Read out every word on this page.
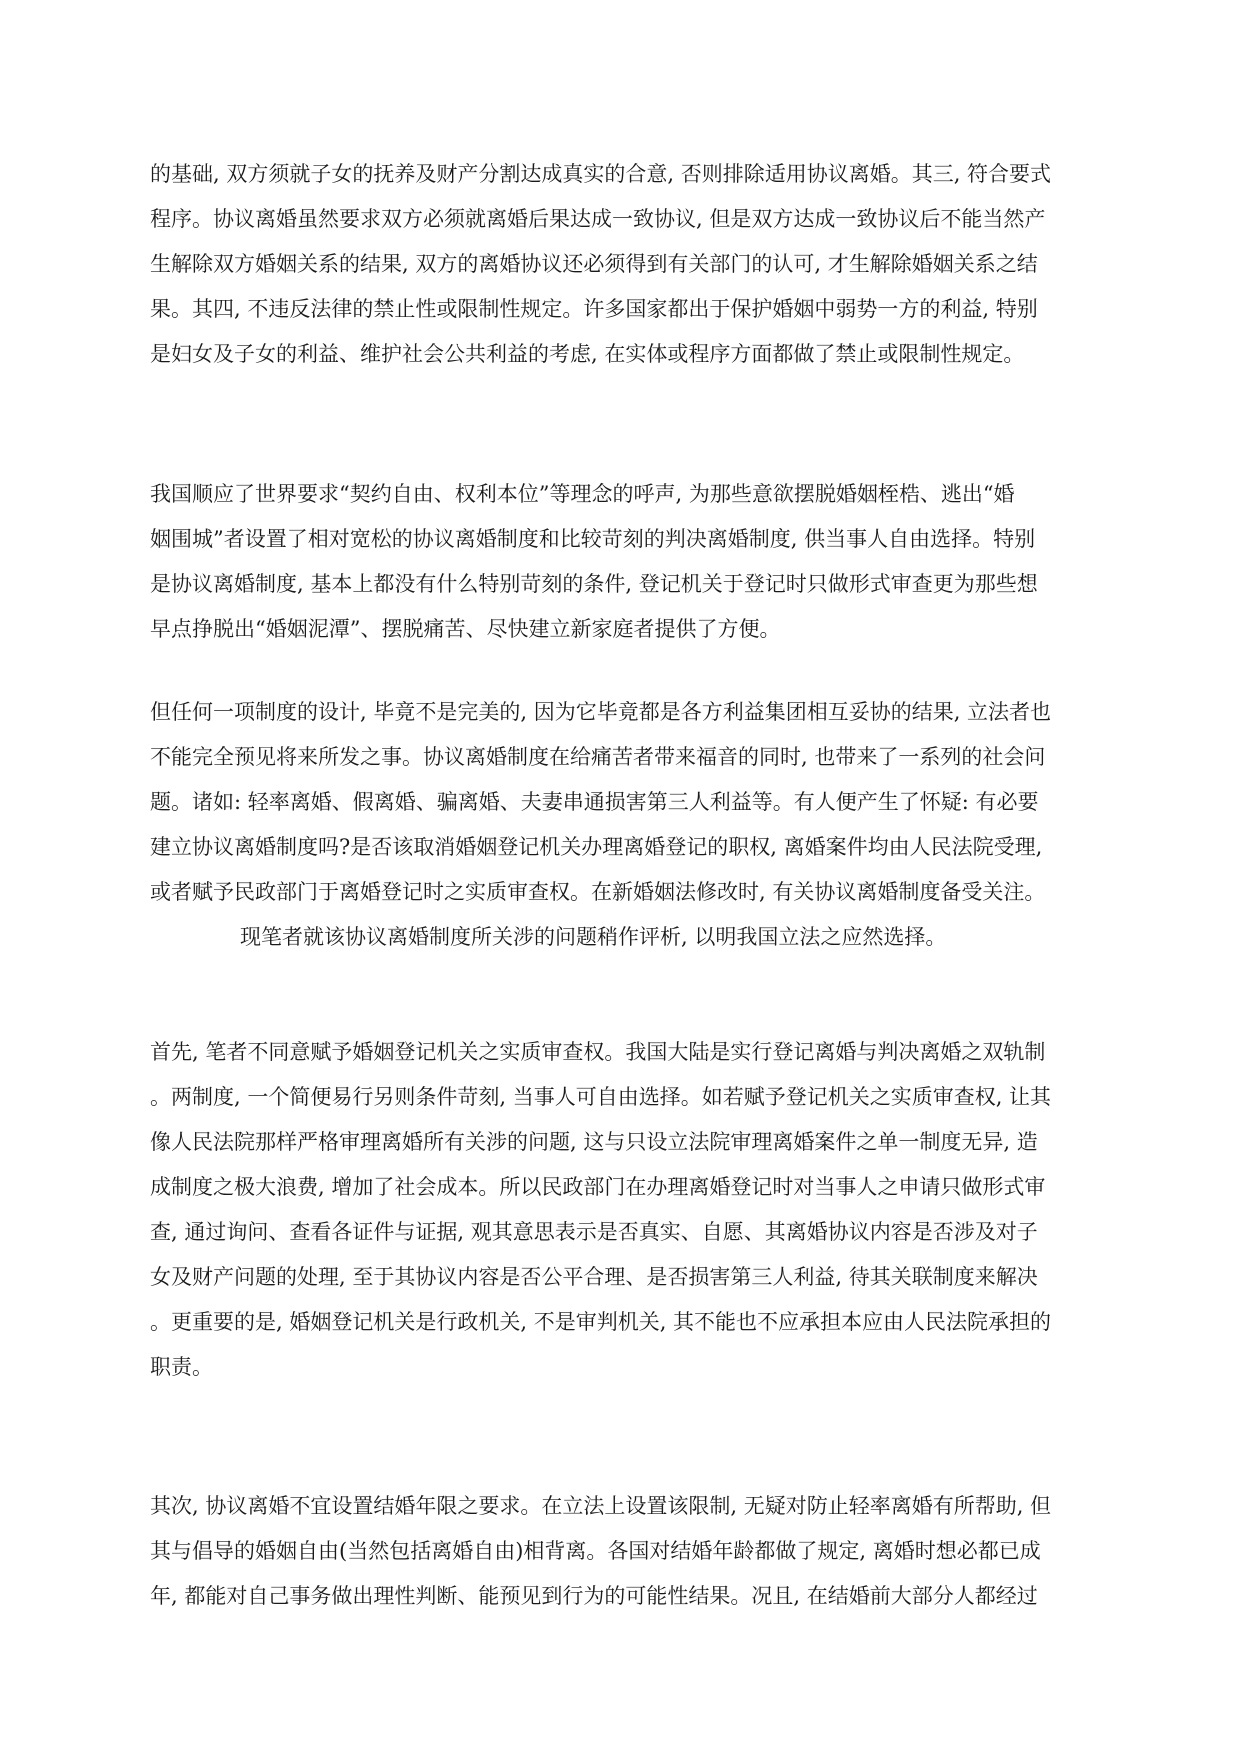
的基础, 双方须就子女的抚养及财产分割达成真实的合意, 否则排除适用协议离婚。其三, 符合要式
程序。协议离婚虽然要求双方必须就离婚后果达成一致协议, 但是双方达成一致协议后不能当然产
生解除双方婚姻关系的结果, 双方的离婚协议还必须得到有关部门的认可, 才生解除婚姻关系之结
果。其四, 不违反法律的禁止性或限制性规定。许多国家都出于保护婚姻中弱势一方的利益, 特别
是妇女及子女的利益、维护社会公共利益的考虑, 在实体或程序方面都做了禁止或限制性规定。
我国顺应了世界要求“契约自由、权利本位”等理念的呼声, 为那些意欲摆脱婚姻桎梏、逃出“婚
姻围城”者设置了相对宽松的协议离婚制度和比较苛刻的判决离婚制度, 供当事人自由选择。特别
是协议离婚制度, 基本上都没有什么特别苛刻的条件, 登记机关于登记时只做形式审查更为那些想
早点挣脱出“婚姻泥潭”、摆脱痛苦、尽快建立新家庭者提供了方便。
但任何一项制度的设计, 毕竟不是完美的, 因为它毕竟都是各方利益集团相互妥协的结果, 立法者也
不能完全预见将来所发之事。协议离婚制度在给痛苦者带来福音的同时, 也带来了一系列的社会问
题。诸如: 轻率离婚、假离婚、骗离婚、夫妻串通损害第三人利益等。有人便产生了怀疑: 有必要
建立协议离婚制度吗?是否该取消婚姻登记机关办理离婚登记的职权, 离婚案件均由人民法院受理,
或者赋予民政部门于离婚登记时之实质审查权。在新婚姻法修改时, 有关协议离婚制度备受关注。
现笔者就该协议离婚制度所关涉的问题稍作评析, 以明我国立法之应然选择。
首先, 笔者不同意赋予婚姻登记机关之实质审查权。我国大陆是实行登记离婚与判决离婚之双轨制
。两制度, 一个简便易行另则条件苛刻, 当事人可自由选择。如若赋予登记机关之实质审查权, 让其
像人民法院那样严格审理离婚所有关涉的问题, 这与只设立法院审理离婚案件之单一制度无异, 造
成制度之极大浪费, 增加了社会成本。所以民政部门在办理离婚登记时对当事人之申请只做形式审
查, 通过询问、查看各证件与证据, 观其意思表示是否真实、自愿、其离婚协议内容是否涉及对子
女及财产问题的处理, 至于其协议内容是否公平合理、是否损害第三人利益, 待其关联制度来解决
。更重要的是, 婚姻登记机关是行政机关, 不是审判机关, 其不能也不应承担本应由人民法院承担的
职责。
其次, 协议离婚不宜设置结婚年限之要求。在立法上设置该限制, 无疑对防止轻率离婚有所帮助, 但
其与倡导的婚姻自由(当然包括离婚自由)相背离。各国对结婚年龄都做了规定, 离婚时想必都已成
年, 都能对自己事务做出理性判断、能预见到行为的可能性结果。况且, 在结婚前大部分人都经过
